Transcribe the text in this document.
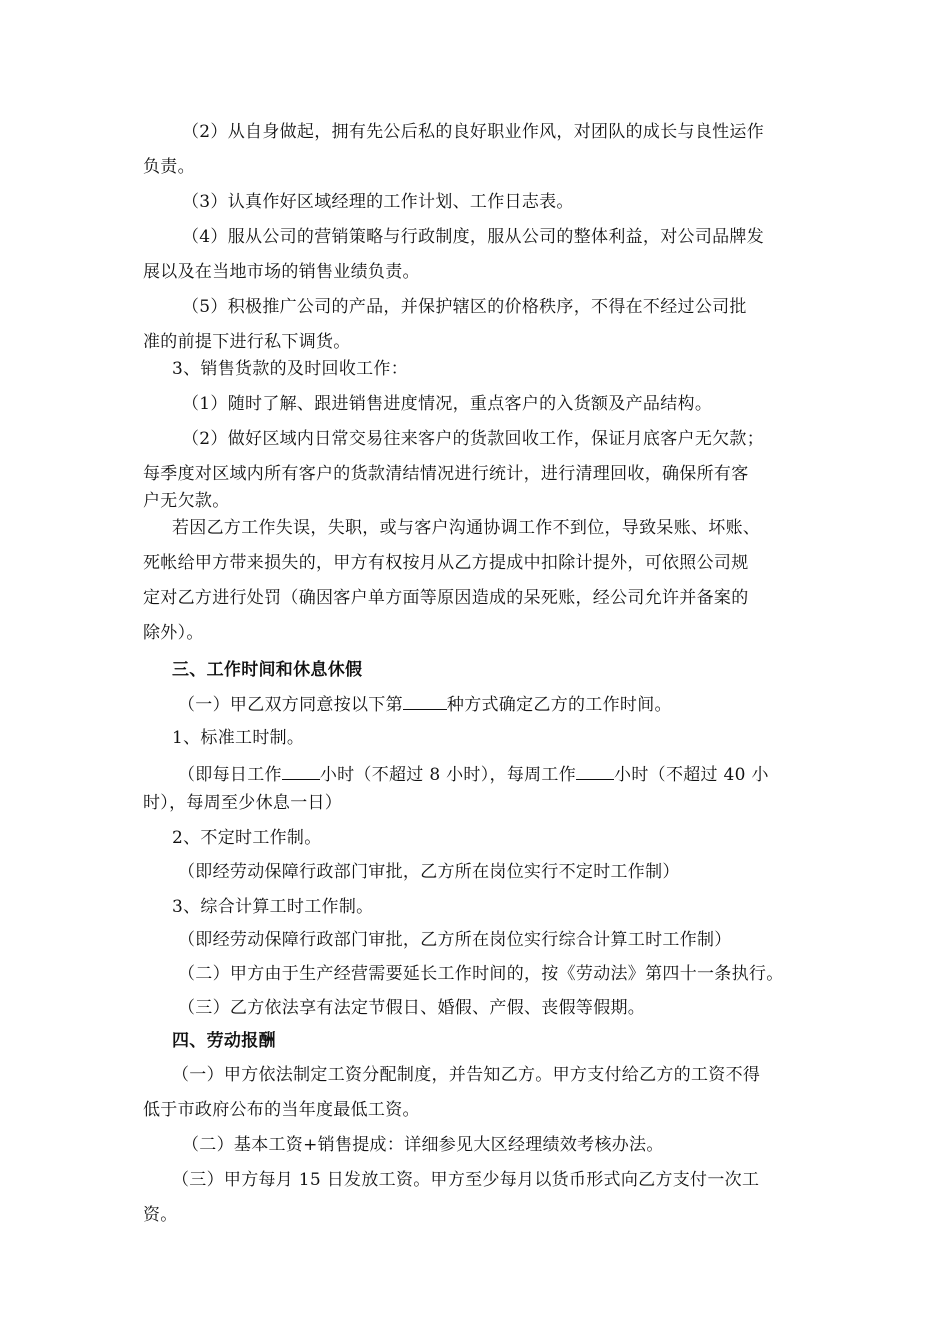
（2）从自身做起，拥有先公后私的良好职业作风，对团队的成长与良性运作
负责。
（3）认真作好区域经理的工作计划、工作日志表。
（4）服从公司的营销策略与行政制度，服从公司的整体利益，对公司品牌发
展以及在当地市场的销售业绩负责。
（5）积极推广公司的产品，并保护辖区的价格秩序，不得在不经过公司批
准的前提下进行私下调货。
3、销售货款的及时回收工作：
（1）随时了解、跟进销售进度情况，重点客户的入货额及产品结构。
（2）做好区域内日常交易往来客户的货款回收工作，保证月底客户无欠款；
每季度对区域内所有客户的货款清结情况进行统计，进行清理回收，确保所有客
户无欠款。
若因乙方工作失误，失职，或与客户沟通协调工作不到位，导致呆账、坏账、
死帐给甲方带来损失的，甲方有权按月从乙方提成中扣除计提外，可依照公司规
定对乙方进行处罚（确因客户单方面等原因造成的呆死账，经公司允许并备案的
除外）。
三、工作时间和休息休假
（一）甲乙双方同意按以下第	种方式确定乙方的工作时间。
1、标准工时制。
（即每日工作 小时（不超过 8 小时），每周工作 小时（不超过 40 小
时），每周至少休息一日）
2、不定时工作制。
（即经劳动保障行政部门审批，乙方所在岗位实行不定时工作制）
3、综合计算工时工作制。
（即经劳动保障行政部门审批，乙方所在岗位实行综合计算工时工作制）
（二）甲方由于生产经营需要延长工作时间的，按《劳动法》第四十一条执行。
（三）乙方依法享有法定节假日、婚假、产假、丧假等假期。
四、劳动报酬
（一）甲方依法制定工资分配制度，并告知乙方。甲方支付给乙方的工资不得
低于市政府公布的当年度最低工资。
（二）基本工资+销售提成：详细参见大区经理绩效考核办法。
（三）甲方每月 15 日发放工资。甲方至少每月以货币形式向乙方支付一次工
资。
